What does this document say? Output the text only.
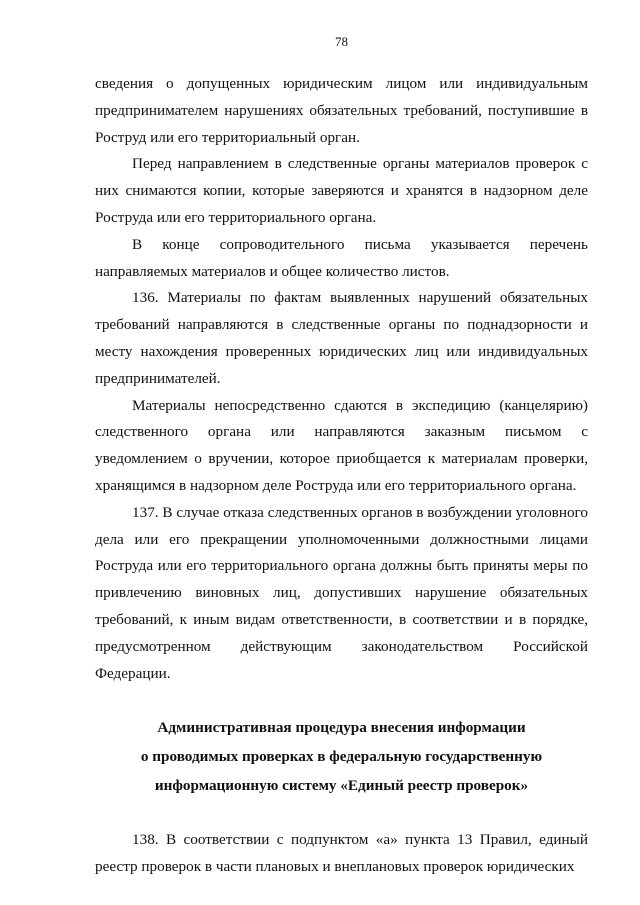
78

сведения о допущенных юридическим лицом или индивидуальным предпринимателем нарушениях обязательных требований, поступившие в Роструд или его территориальный орган.

Перед направлением в следственные органы материалов проверок с них снимаются копии, которые заверяются и хранятся в надзорном деле Роструда или его территориального органа.

В конце сопроводительного письма указывается перечень направляемых материалов и общее количество листов.

136. Материалы по фактам выявленных нарушений обязательных требований направляются в следственные органы по поднадзорности и месту нахождения проверенных юридических лиц или индивидуальных предпринимателей.

Материалы непосредственно сдаются в экспедицию (канцелярию) следственного органа или направляются заказным письмом с уведомлением о вручении, которое приобщается к материалам проверки, хранящимся в надзорном деле Роструда или его территориального органа.

137. В случае отказа следственных органов в возбуждении уголовного дела или его прекращении уполномоченными должностными лицами Роструда или его территориального органа должны быть приняты меры по привлечению виновных лиц, допустивших нарушение обязательных требований, к иным видам ответственности, в соответствии и в порядке, предусмотренном действующим законодательством Российской Федерации.

Административная процедура внесения информации
о проводимых проверках в федеральную государственную
информационную систему «Единый реестр проверок»

138. В соответствии с подпунктом «а» пункта 13 Правил, единый реестр проверок в части плановых и внеплановых проверок юридических
